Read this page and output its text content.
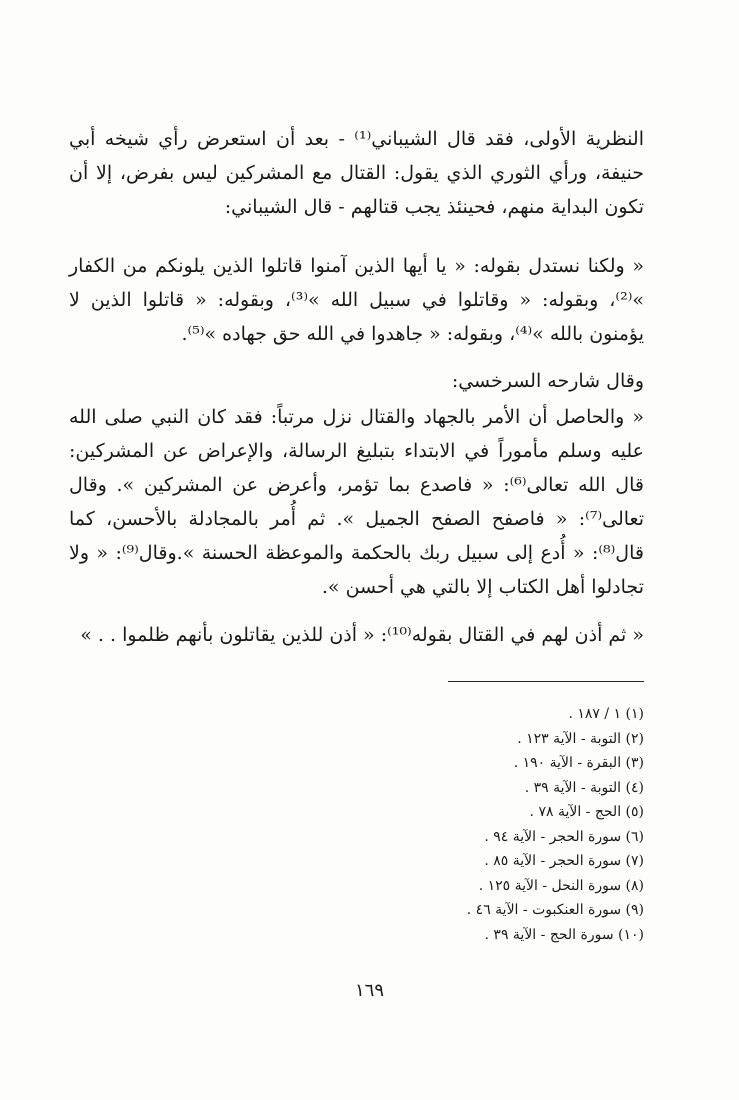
النظرية الأولى، فقد قال الشيباني⁽¹⁾ - بعد أن استعرض رأي شيخه أبي حنيفة، ورأي الثوري الذي يقول: القتال مع المشركين ليس بفرض، إلا أن تكون البداية منهم، فحينئذ يجب قتالهم - قال الشيباني:

« ولكنا نستدل بقوله: « يا أيها الذين آمنوا قاتلوا الذين يلونكم من الكفار »⁽²⁾، وبقوله: « وقاتلوا في سبيل الله »⁽³⁾، وبقوله: « قاتلوا الذين لا يؤمنون بالله »⁽⁴⁾، وبقوله: « جاهدوا في الله حق جهاده »⁽⁵⁾.

وقال شارحه السرخسي:

« والحاصل أن الأمر بالجهاد والقتال نزل مرتباً: فقد كان النبي صلى الله عليه وسلم مأموراً في الابتداء بتبليغ الرسالة، والإعراض عن المشركين: قال الله تعالى⁽⁶⁾: « فاصدع بما تؤمر، وأعرض عن المشركين ». وقال تعالى⁽⁷⁾: « فاصفح الصفح الجميل ». ثم أُمر بالمجادلة بالأحسن، كما قال⁽⁸⁾: « أُدع إلى سبيل ربك بالحكمة والموعظة الحسنة ».وقال⁽⁹⁾: « ولا تجادلوا أهل الكتاب إلا بالتي هي أحسن ».

« ثم أذن لهم في القتال بقوله⁽¹⁰⁾: « أذن للذين يقاتلون بأنهم ظلموا . . »

(١) ١ / ١٨٧ .
(٢) التوبة - الآية ١٢٣ .
(٣) البقرة - الآية ١٩٠ .
(٤) التوبة - الآية ٣٩ .
(٥) الحج - الآية ٧٨ .
(٦) سورة الحجر - الآية ٩٤ .
(٧) سورة الحجر - الآية ٨٥ .
(٨) سورة النحل - الآية ١٢٥ .
(٩) سورة العنكبوت - الآية ٤٦ .
(١٠) سورة الحج - الآية ٣٩ .
١٦٩
